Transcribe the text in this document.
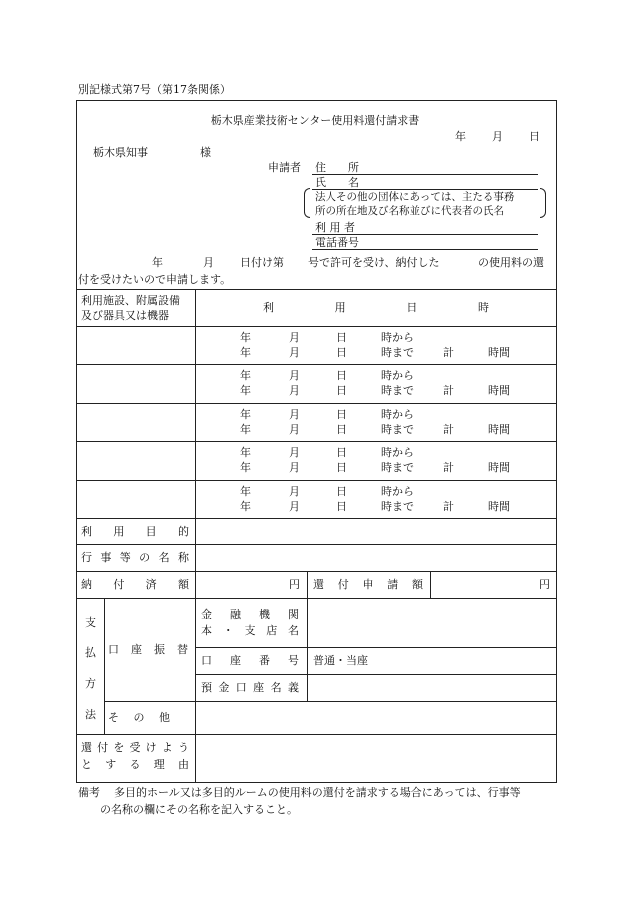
別記様式第7号（第17条関係）
栃木県産業技術センター使用料還付請求書
年 月 日
栃木県知事	様
申請者 住　　所
氏　　名
法人その他の団体にあっては、主たる事務
所の所在地及び名称並びに代表者の氏名
利 用 者
電話番号
年	月 日付け第 号で許可を受け、納付した	の使用料の還
付を受けたいので申請します。
利用施設、附属設備
及び器具又は機器
利	用	日	時
年	月	日	時から
年	月	日	時まで	計	時間
年	月	日	時から
年	月	日	時まで	計	時間
年	月	日	時から
年	月	日	時まで	計	時間
年	月	日	時から
年	月	日	時まで	計	時間
年	月	日	時から
年	月	日	時まで	計	時間
利 用 目 的
行 事 等 の 名 称
納 付 済 額	円 還 付 申 請 額	円
支
払
方
法
口 座 振 替
金 融 機 関
本 ・ 支 店 名
口 座 番 号 普通・当座
預 金 口 座 名 義
そ の 他
還 付 を 受 け よ う
と す る 理 由
備考 多目的ホール又は多目的ルームの使用料の還付を請求する場合にあっては、行事等
の名称の欄にその名称を記入すること。
